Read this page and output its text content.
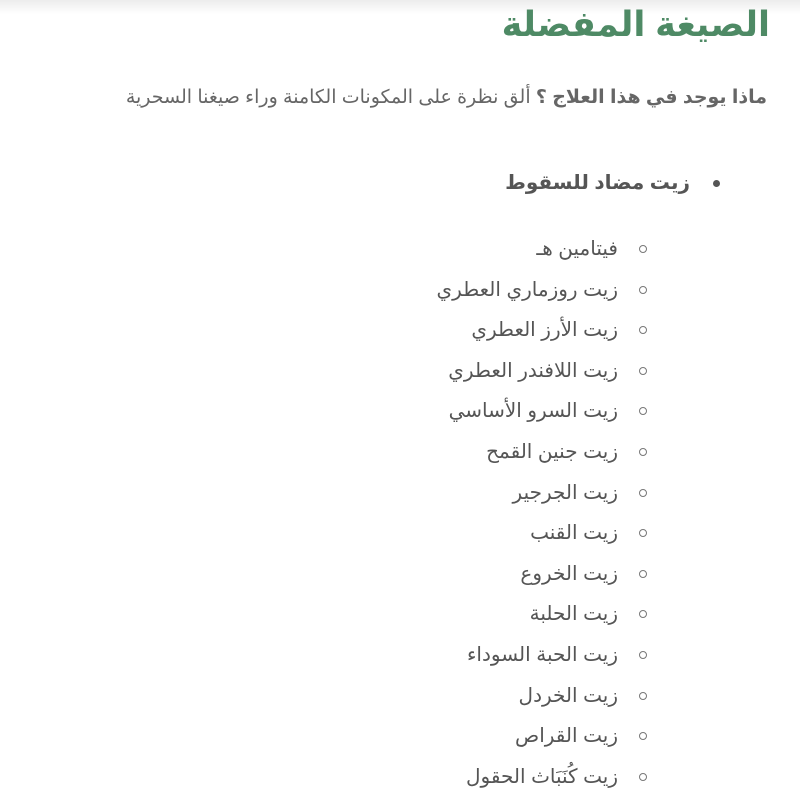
الصيغة المفضلة

ماذا يوجد في هذا العلاج ؟ ألق نظرة على المكونات الكامنة وراء صيغنا السحرية

زيت مضاد للسقوط
فيتامين هـ
زيت روزماري العطري
زيت الأرز العطري
زيت اللافندر العطري
زيت السرو الأساسي
زيت جنين القمح
زيت الجرجير
زيت القنب
زيت الخروع
زيت الحلبة
زيت الحبة السوداء
زيت الخردل
زيت القراص
زيت كُنَبَاث الحقول
